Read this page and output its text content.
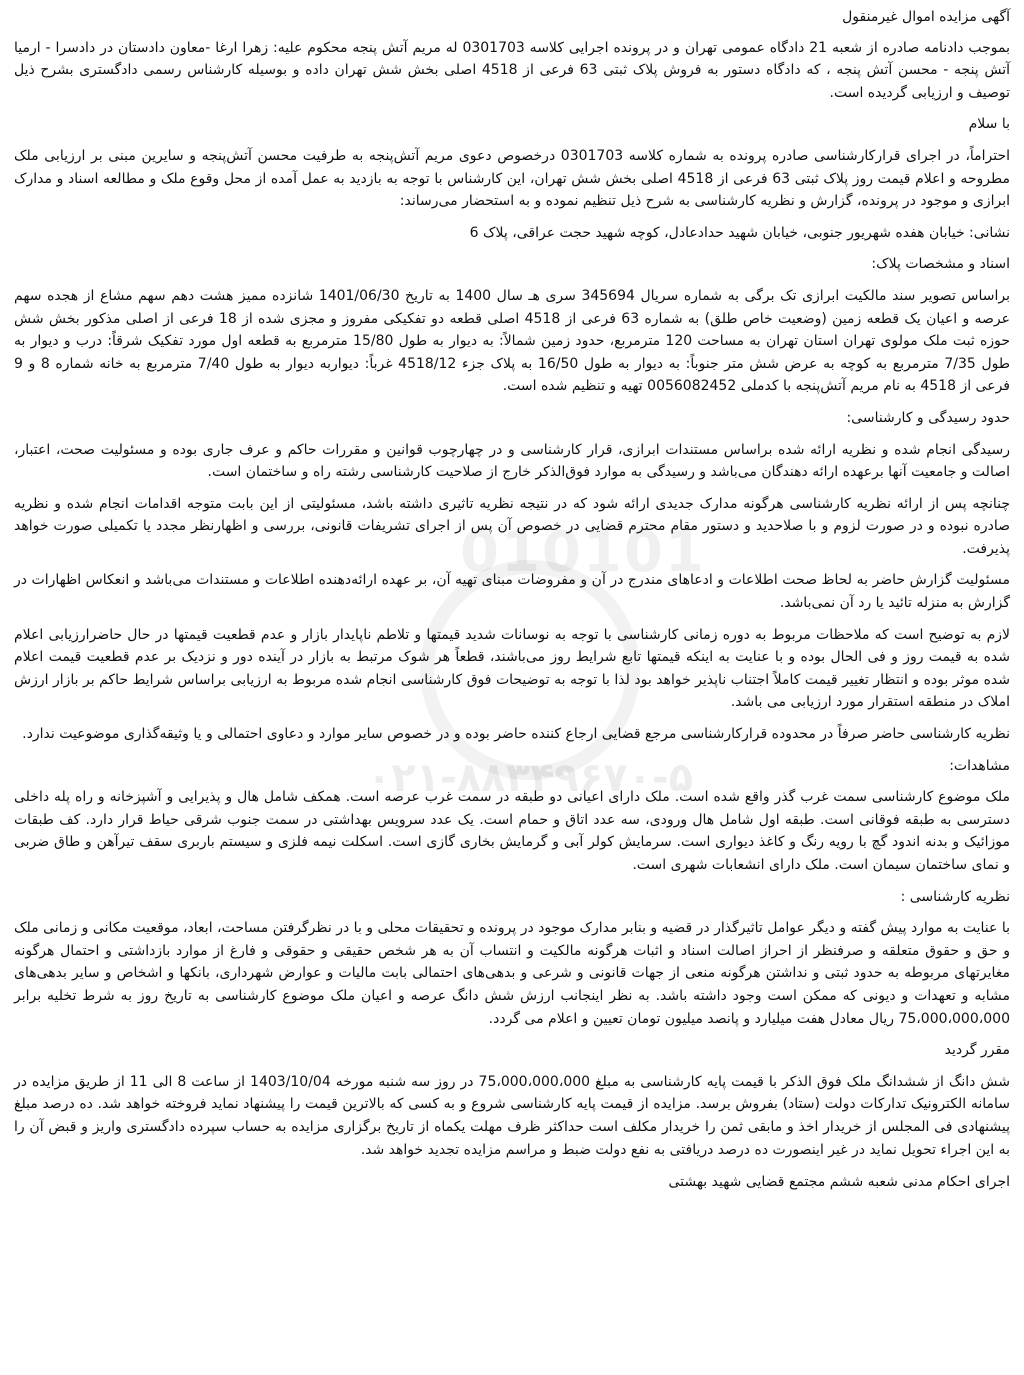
010101
۰۲۱-۸۸۳۴۹۶۷۰-۵

آگهی مزایده اموال غیرمنقول

بموجب دادنامه صادره از شعبه 21 دادگاه عمومی تهران و در پرونده اجرایی کلاسه 0301703 له مریم آتش پنجه محکوم علیه: زهرا ارغا -معاون دادستان در دادسرا - ارمیا آتش پنجه - محسن آتش پنجه ، که دادگاه دستور به فروش پلاک ثبتی 63 فرعی از 4518 اصلی بخش شش تهران داده و بوسیله کارشناس رسمی دادگستری بشرح ذیل توصیف و ارزیابی گردیده است.

با سلام

احتراماً، در اجرای قرارکارشناسی صادره پرونده به شماره کلاسه 0301703 درخصوص دعوی مریم آتش‌پنجه به طرفیت محسن آتش‌پنجه و سایرین مبنی بر ارزیابی ملک مطروحه و اعلام قیمت روز پلاک ثبتی 63 فرعی از 4518 اصلی بخش شش تهران، این کارشناس با توجه به بازدید به عمل آمده از محل وقوع ملک و مطالعه اسناد و مدارک ابرازی و موجود در پرونده، گزارش و نظریه کارشناسی به شرح ذیل تنظیم نموده و به استحضار می‌رساند:

نشانی: خیابان هفده شهریور جنوبی، خیابان شهید حدادعادل، کوچه شهید حجت عراقی، پلاک 6

اسناد و مشخصات پلاک:

براساس تصویر سند مالکیت ابرازی تک برگی به شماره سریال 345694 سری هـ سال 1400 به تاریخ 1401/06/30 شانزده ممیز هشت دهم سهم مشاع از هجده سهم عرصه و اعیان یک قطعه زمین (وضعیت خاص طلق) به شماره 63 فرعی از 4518 اصلی قطعه دو تفکیکی مفروز و مجزی شده از 18 فرعی از اصلی مذکور بخش شش حوزه ثبت ملک مولوی تهران استان تهران به مساحت 120 مترمربع، حدود زمین شمالاً: به دیوار به طول 15/80 مترمربع به قطعه اول مورد تفکیک شرقاً: درب و دیوار به طول 7/35 مترمربع به کوچه به عرض شش متر جنوباً: به دیوار به طول 16/50 به پلاک جزء 4518/12 غرباً: دیواربه دیوار به طول 7/40 مترمربع به خانه شماره 8 و 9 فرعی از 4518 به نام مریم آتش‌پنجه با کدملی 0056082452 تهیه و تنظیم شده است.

حدود رسیدگی و کارشناسی:

رسیدگی انجام شده و نظریه ارائه شده براساس مستندات ابرازی، قرار کارشناسی و در چهارچوب قوانین و مقررات حاکم و عرف جاری بوده و مسئولیت صحت، اعتبار، اصالت و جامعیت آنها برعهده ارائه دهندگان می‌باشد و رسیدگی به موارد فوق‌الذکر خارج از صلاحیت کارشناسی رشته راه و ساختمان است.

چنانچه پس از ارائه نظریه کارشناسی هرگونه مدارک جدیدی ارائه شود که در نتیجه نظریه تاثیری داشته باشد، مسئولیتی از این بابت متوجه اقدامات انجام شده و نظریه صادره نبوده و در صورت لزوم و با صلاحدید و دستور مقام محترم قضایی در خصوص آن پس از اجرای تشریفات قانونی، بررسی و اظهارنظر مجدد یا تکمیلی صورت خواهد پذیرفت.

مسئولیت گزارش حاضر به لحاظ صحت اطلاعات و ادعاهای مندرج در آن و مفروضات مبنای تهیه آن، بر عهده ارائه‌دهنده اطلاعات و مستندات می‌باشد و انعکاس اظهارات در گزارش به منزله تائید یا رد آن نمی‌باشد.

لازم به توضیح است که ملاحظات مربوط به دوره زمانی کارشناسی با توجه به نوسانات شدید قیمتها و تلاطم ناپایدار بازار و عدم قطعیت قیمتها در حال حاضرارزیابی اعلام شده به قیمت روز و فی الحال بوده و با عنایت به اینکه قیمتها تابع شرایط روز می‌باشند، قطعاً هر شوک مرتبط به بازار در آینده دور و نزدیک بر عدم قطعیت قیمت اعلام شده موثر بوده و انتظار تغییر قیمت کاملاً اجتناب ناپذیر خواهد بود لذا با توجه به توضیحات فوق کارشناسی انجام شده مربوط به ارزیابی براساس شرایط حاکم بر بازار ارزش املاک در منطقه استقرار مورد ارزیابی می باشد.

نظریه کارشناسی حاضر صرفاً در محدوده قرارکارشناسی مرجع قضایی ارجاع کننده حاضر بوده و در خصوص سایر موارد و دعاوی احتمالی و یا وثیقه‌گذاری موضوعیت ندارد.

مشاهدات:

ملک موضوع کارشناسی سمت غرب گذر واقع شده است. ملک دارای اعیانی دو طبقه در سمت غرب عرصه است. همکف شامل هال و پذیرایی و آشپزخانه و راه پله داخلی دسترسی به طبقه فوقانی است. طبقه اول شامل هال ورودی، سه عدد اتاق و حمام است. یک عدد سرویس بهداشتی در سمت جنوب شرقی حیاط قرار دارد. کف طبقات موزائیک و بدنه اندود گچ با رویه رنگ و کاغذ دیواری است. سرمایش کولر آبی و گرمایش بخاری گازی است. اسکلت نیمه فلزی و سیستم باربری سقف تیرآهن و طاق ضربی و نمای ساختمان سیمان است. ملک دارای انشعابات شهری است.

نظریه کارشناسی :

با عنایت به موارد پیش گفته و دیگر عوامل تاثیرگذار در قضیه و بنابر مدارک موجود در پرونده و تحقیقات محلی و با در نظرگرفتن مساحت، ابعاد، موقعیت مکانی و زمانی ملک و حق و حقوق متعلقه و صرفنظر از احراز اصالت اسناد و اثبات هرگونه مالکیت و انتساب آن به هر شخص حقیقی و حقوقی و فارغ از موارد بازداشتی و احتمال هرگونه مغایرتهای مربوطه به حدود ثبتی و نداشتن هرگونه منعی از جهات قانونی و شرعی و بدهی‌های احتمالی بابت مالیات و عوارض شهرداری، بانکها و اشخاص و سایر بدهی‌های مشابه و تعهدات و دیونی که ممکن است وجود داشته باشد. به نظر اینجانب ارزش شش دانگ عرصه و اعیان ملک موضوع کارشناسی به تاریخ روز به شرط تخلیه برابر 75،000،000،000 ریال معادل هفت میلیارد و پانصد میلیون تومان تعیین و اعلام می گردد.

مقرر گردید

شش دانگ از ششدانگ ملک فوق الذکر با قیمت پایه کارشناسی به مبلغ 75،000،000،000 در روز سه شنبه مورخه 1403/10/04 از ساعت 8 الی 11 از طریق مزایده در سامانه الکترونیک تدارکات دولت (ستاد) بفروش برسد. مزایده از قیمت پایه کارشناسی شروع و به کسی که بالاترین قیمت را پیشنهاد نماید فروخته خواهد شد. ده درصد مبلغ پیشنهادی فی المجلس از خریدار اخذ و مابقی ثمن را خریدار مکلف است حداکثر ظرف مهلت یکماه از تاریخ برگزاری مزایده به حساب سپرده دادگستری واریز و قبض آن را به این اجراء تحویل نماید در غیر اینصورت ده درصد دریافتی به نفع دولت ضبط و مراسم مزایده تجدید خواهد شد.

اجرای احکام مدنی شعبه ششم مجتمع قضایی شهید بهشتی
